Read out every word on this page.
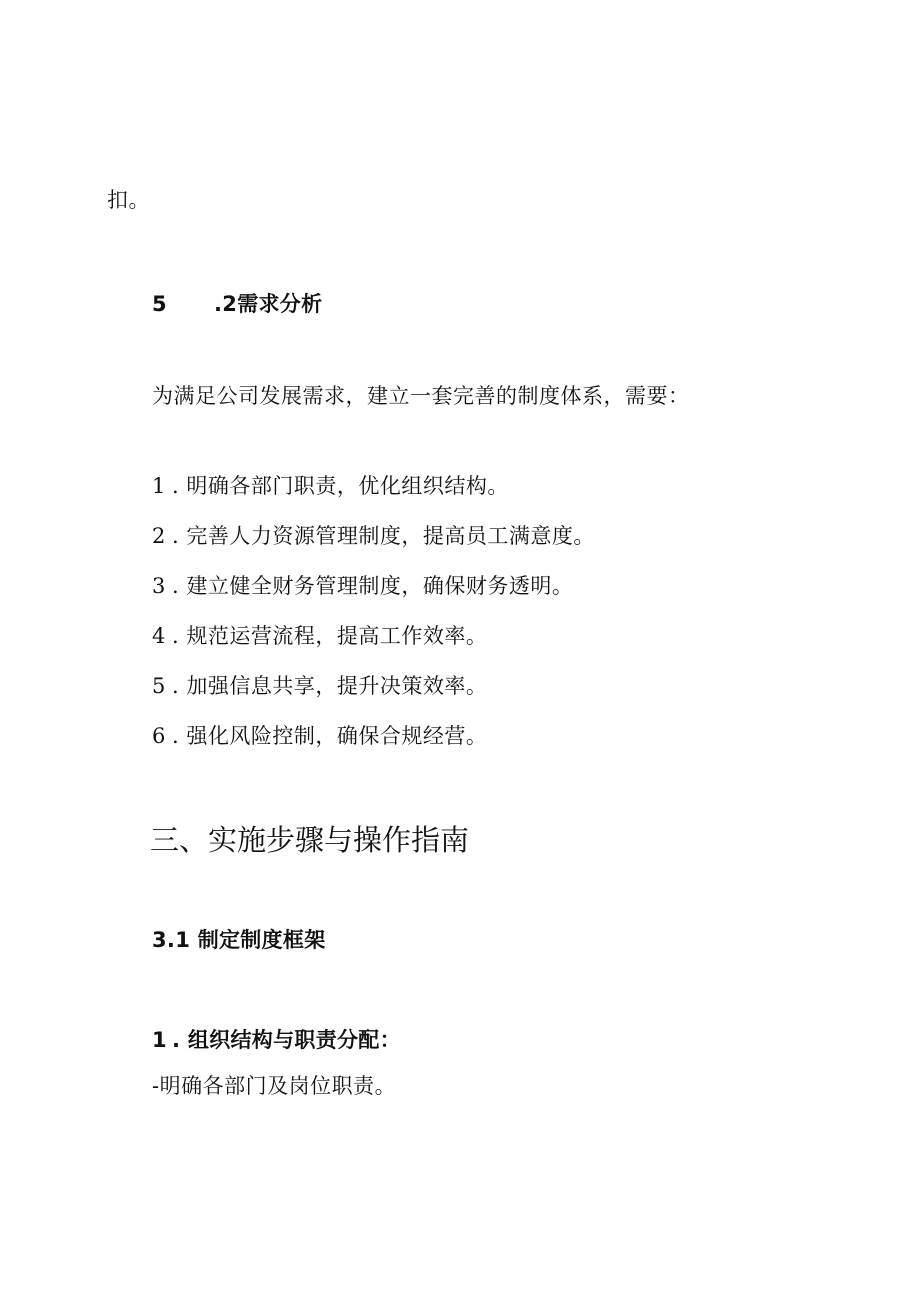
扣。
5 .2需求分析
为满足公司发展需求，建立一套完善的制度体系，需要：
1 . 明确各部门职责，优化组织结构。
2 . 完善人力资源管理制度，提高员工满意度。
3 . 建立健全财务管理制度，确保财务透明。
4 . 规范运营流程，提高工作效率。
5 . 加强信息共享，提升决策效率。
6 . 强化风险控制，确保合规经营。
三、实施步骤与操作指南
3.1 制定制度框架
1 . 组织结构与职责分配：
-明确各部门及岗位职责。
